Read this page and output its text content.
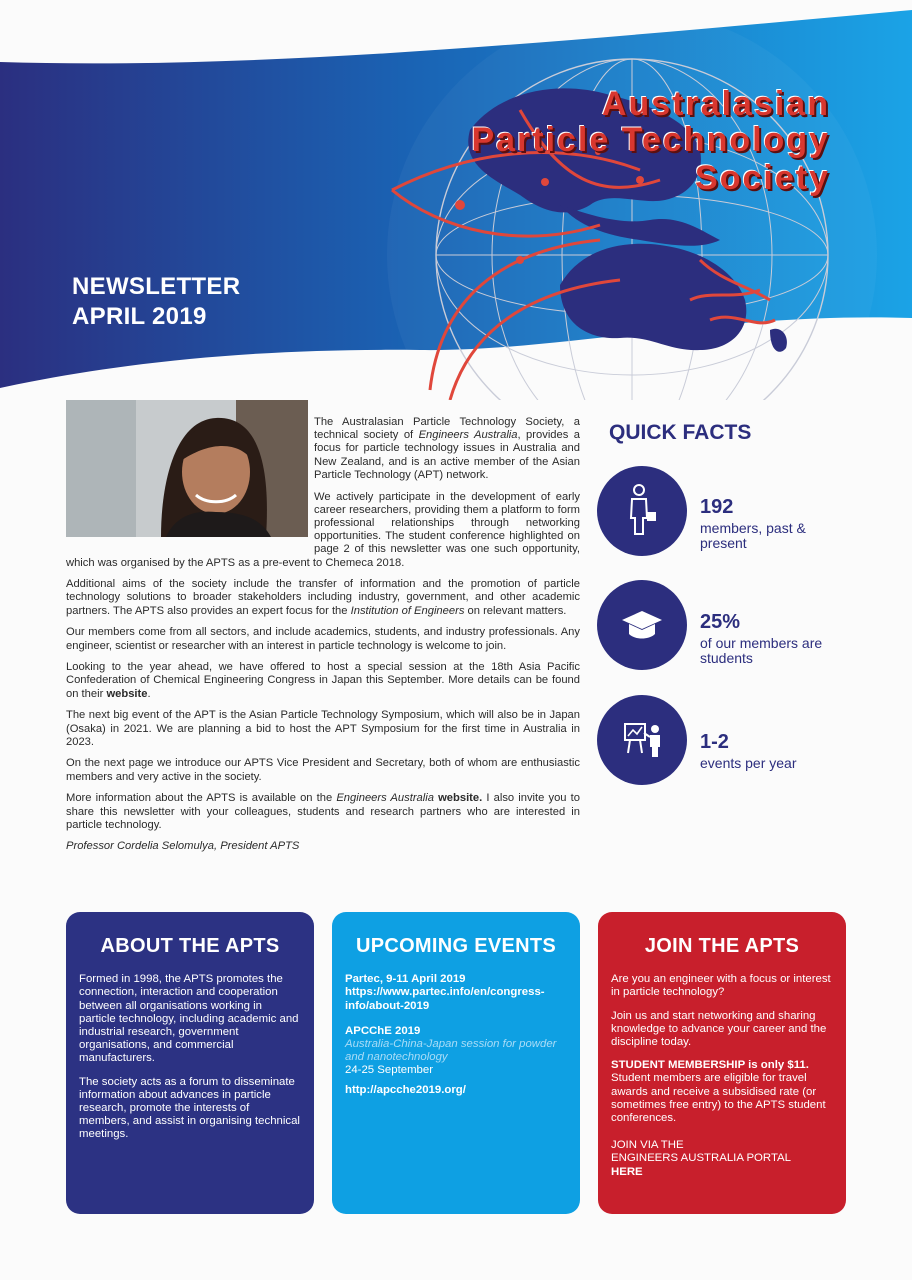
Australasian
Particle Technology
Society
NEWSLETTER
APRIL 2019

The Australasian Particle Technology Society, a technical society of Engineers Australia, provides a focus for particle technology issues in Australia and New Zealand, and is an active member of the Asian Particle Technology (APT) network.

We actively participate in the development of early career researchers, providing them a platform to form professional relationships through networking opportunities. The student conference highlighted on page 2 of this newsletter was one such opportunity, which was organised by the APTS as a pre-event to Chemeca 2018.

Additional aims of the society include the transfer of information and the promotion of particle technology solutions to broader stakeholders including industry, government, and other academic partners. The APTS also provides an expert focus for the Institution of Engineers on relevant matters.

Our members come from all sectors, and include academics, students, and industry professionals. Any engineer, scientist or researcher with an interest in particle technology is welcome to join.

Looking to the year ahead, we have offered to host a special session at the 18th Asia Pacific Confederation of Chemical Engineering Congress in Japan this September. More details can be found on their website.

The next big event of the APT is the Asian Particle Technology Symposium, which will also be in Japan (Osaka) in 2021. We are planning a bid to host the APT Symposium for the first time in Australia in 2023.

On the next page we introduce our APTS Vice President and Secretary, both of whom are enthusiastic members and very active in the society.

More information about the APTS is available on the Engineers Australia website. I also invite you to share this newsletter with your colleagues, students and research partners who are interested in particle technology.

Professor Cordelia Selomulya, President APTS

QUICK FACTS
192
members, past & present
25%
of our members are students
1-2
events per year
ABOUT THE APTS

Formed in 1998, the APTS promotes the connection, interaction and cooperation between all organisations working in particle technology, including academic and industrial research, government organisations, and commercial manufacturers.

The society acts as a forum to disseminate information about advances in particle research, promote the interests of members, and assist in organising technical meetings.

UPCOMING EVENTS

Partec, 9-11 April 2019

https://www.partec.info/en/congress-info/about-2019

APCChE 2019

Australia-China-Japan session for powder and nanotechnology

24-25 September

http://apcche2019.org/

JOIN THE APTS

Are you an engineer with a focus or interest in particle technology?

Join us and start networking and sharing knowledge to advance your career and the discipline today.

STUDENT MEMBERSHIP is only $11. Student members are eligible for travel awards and receive a subsidised rate (or sometimes free entry) to the APTS student conferences.

JOIN VIA THE
ENGINEERS AUSTRALIA PORTAL
HERE
